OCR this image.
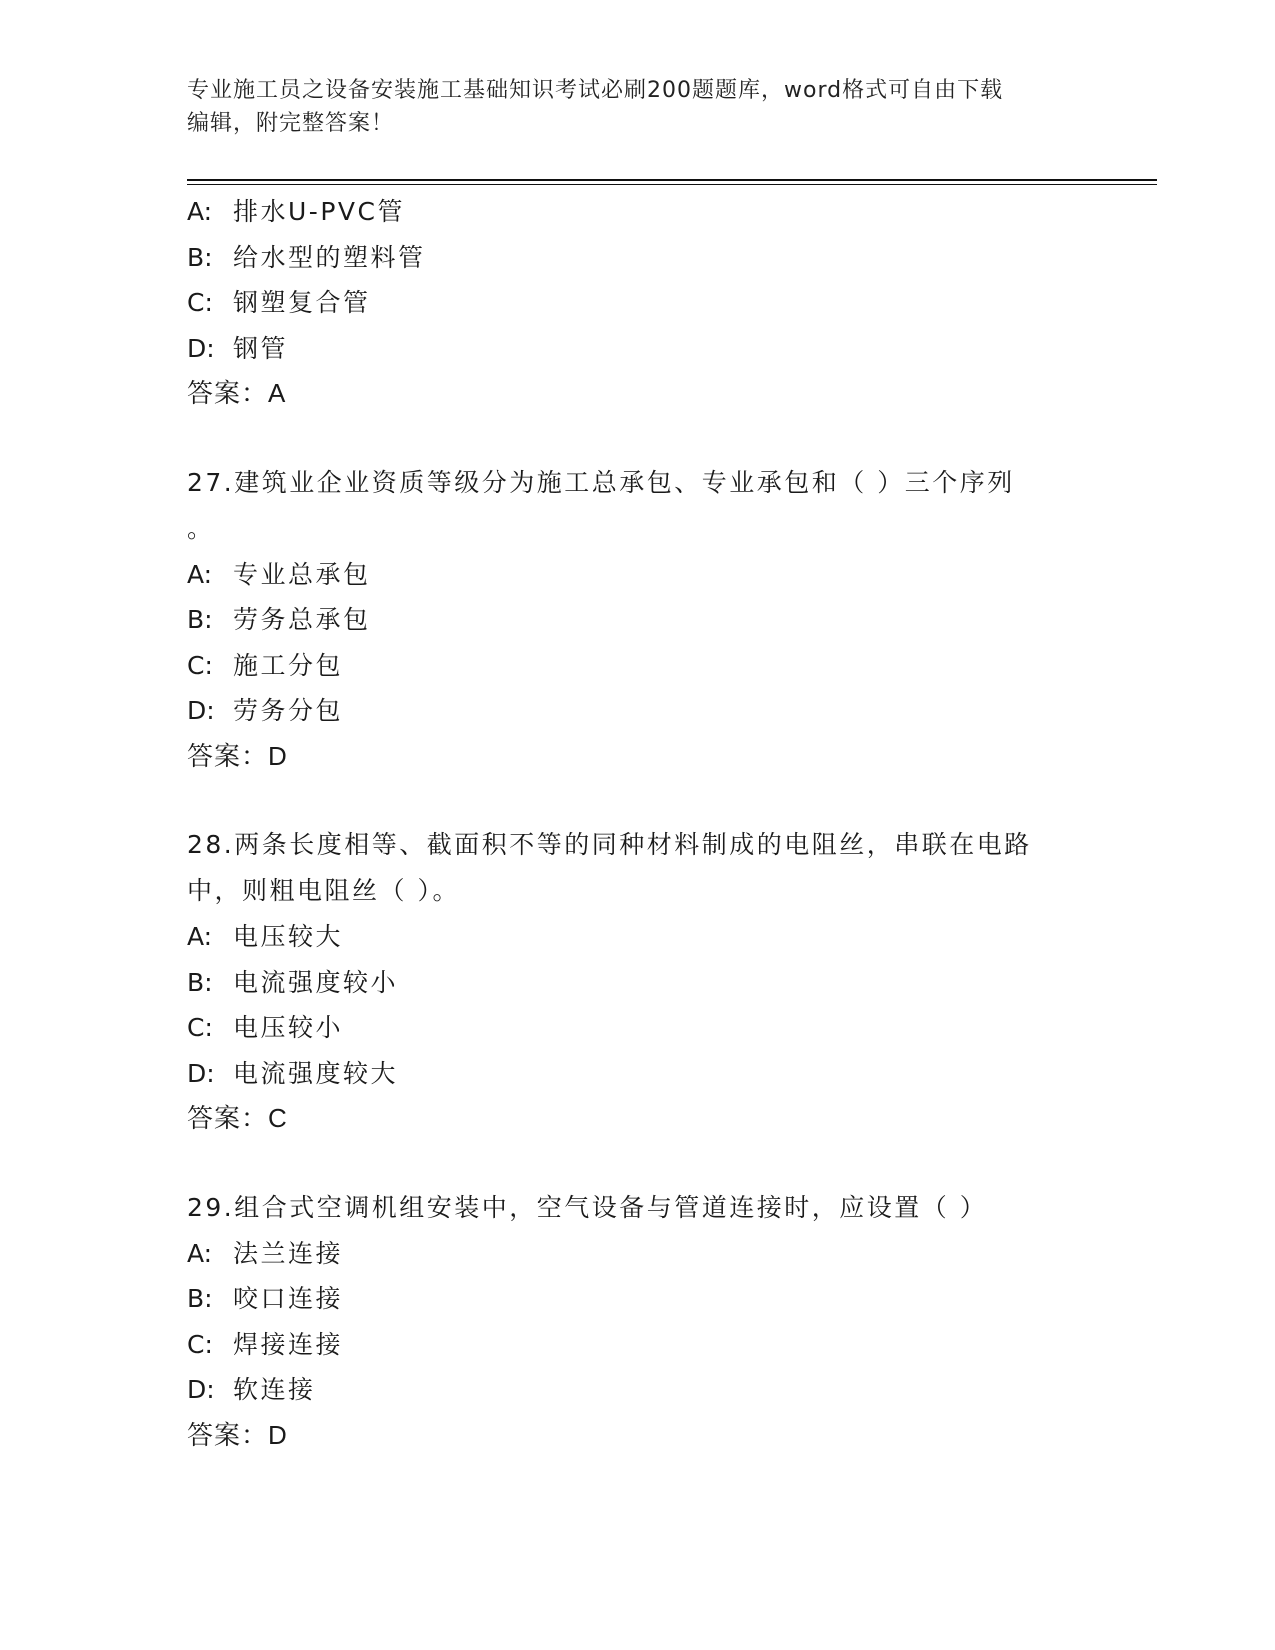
专业施工员之设备安装施工基础知识考试必刷200题题库，word格式可自由下载
编辑，附完整答案！
A: 排水U-PVC管
B: 给水型的塑料管
C: 钢塑复合管
D: 钢管
答案：A
27.建筑业企业资质等级分为施工总承包、专业承包和（ ）三个序列
。
A: 专业总承包
B: 劳务总承包
C: 施工分包
D: 劳务分包
答案：D
28.两条长度相等、截面积不等的同种材料制成的电阻丝，串联在电路
中，则粗电阻丝（ ）。
A: 电压较大
B: 电流强度较小
C: 电压较小
D: 电流强度较大
答案：C
29.组合式空调机组安装中，空气设备与管道连接时，应设置（ ）
A: 法兰连接
B: 咬口连接
C: 焊接连接
D: 软连接
答案：D
